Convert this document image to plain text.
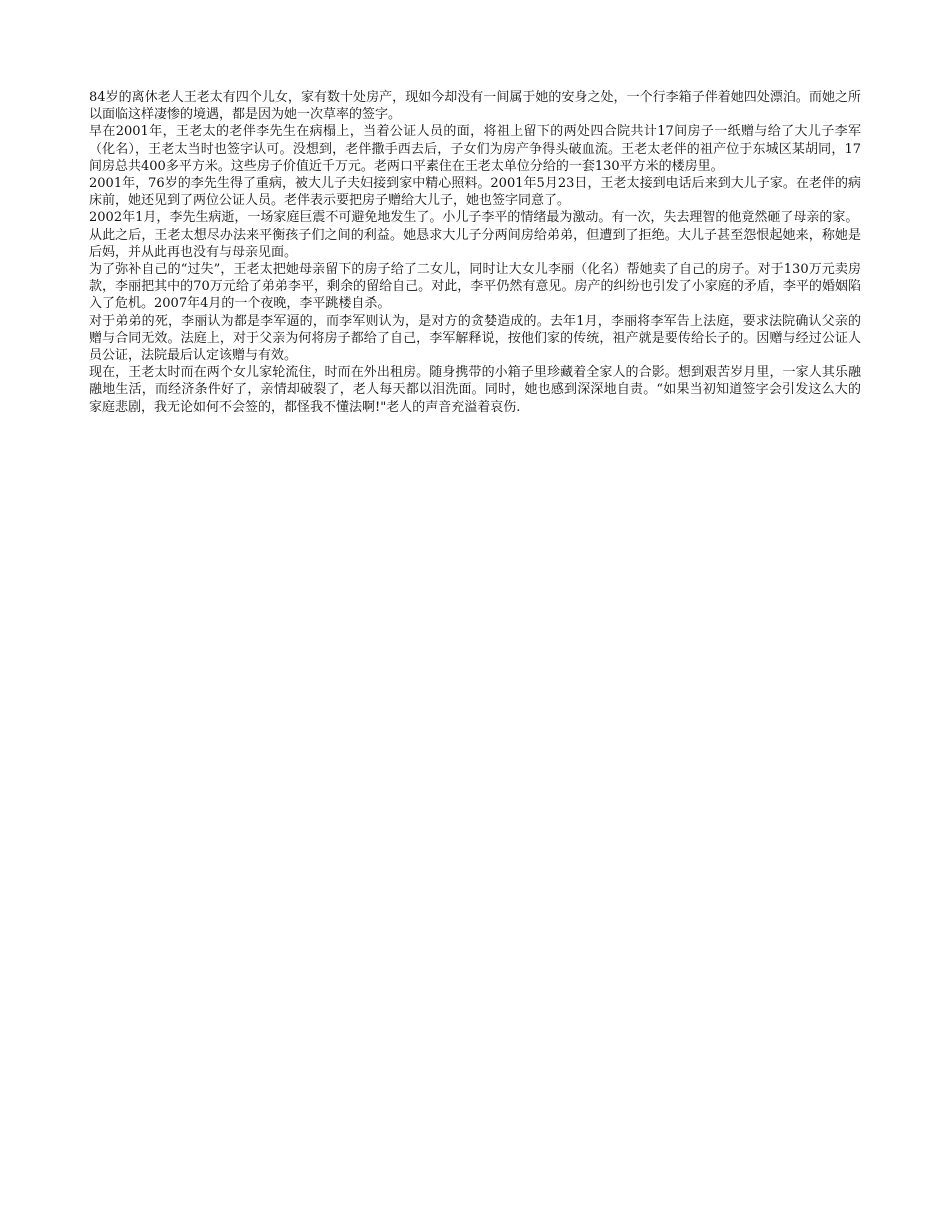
84岁的离休老人王老太有四个儿女，家有数十处房产，现如今却没有一间属于她的安身之处，一个行李箱子伴着她四处漂泊。而她之所以面临这样凄惨的境遇，都是因为她一次草率的签字。

早在2001年，王老太的老伴李先生在病榻上，当着公证人员的面，将祖上留下的两处四合院共计17间房子一纸赠与给了大儿子李军（化名），王老太当时也签字认可。没想到，老伴撒手西去后，子女们为房产争得头破血流。王老太老伴的祖产位于东城区某胡同，17间房总共400多平方米。这些房子价值近千万元。老两口平素住在王老太单位分给的一套130平方米的楼房里。

2001年，76岁的李先生得了重病，被大儿子夫妇接到家中精心照料。2001年5月23日，王老太接到电话后来到大儿子家。在老伴的病床前，她还见到了两位公证人员。老伴表示要把房子赠给大儿子，她也签字同意了。

2002年1月，李先生病逝，一场家庭巨震不可避免地发生了。小儿子李平的情绪最为激动。有一次，失去理智的他竟然砸了母亲的家。

从此之后，王老太想尽办法来平衡孩子们之间的利益。她恳求大儿子分两间房给弟弟，但遭到了拒绝。大儿子甚至怨恨起她来，称她是后妈，并从此再也没有与母亲见面。

为了弥补自己的“过失”，王老太把她母亲留下的房子给了二女儿，同时让大女儿李丽（化名）帮她卖了自己的房子。对于130万元卖房款，李丽把其中的70万元给了弟弟李平，剩余的留给自己。对此，李平仍然有意见。房产的纠纷也引发了小家庭的矛盾，李平的婚姻陷入了危机。2007年4月的一个夜晚，李平跳楼自杀。

对于弟弟的死，李丽认为都是李军逼的，而李军则认为，是对方的贪婪造成的。去年1月，李丽将李军告上法庭，要求法院确认父亲的赠与合同无效。法庭上，对于父亲为何将房子都给了自己，李军解释说，按他们家的传统，祖产就是要传给长子的。因赠与经过公证人员公证，法院最后认定该赠与有效。

现在，王老太时而在两个女儿家轮流住，时而在外出租房。随身携带的小箱子里珍藏着全家人的合影。想到艰苦岁月里，一家人其乐融融地生活，而经济条件好了，亲情却破裂了，老人每天都以泪洗面。同时，她也感到深深地自责。“如果当初知道签字会引发这么大的家庭悲剧，我无论如何不会签的，都怪我不懂法啊!"老人的声音充溢着哀伤.
